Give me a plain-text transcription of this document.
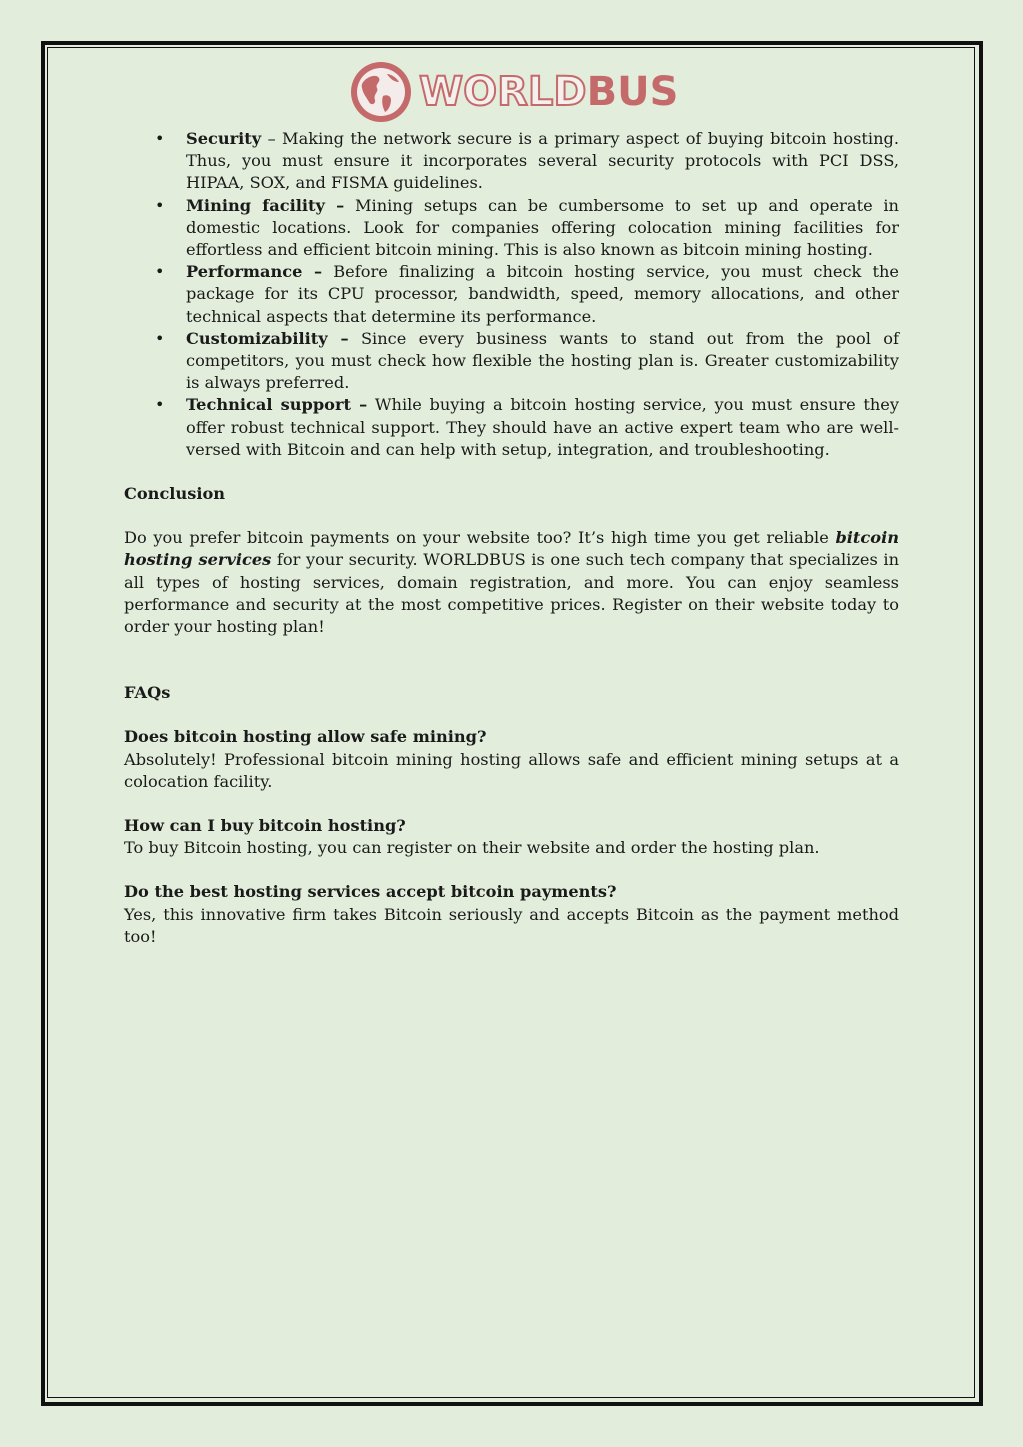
WORLDBUS
• Security – Making the network secure is a primary aspect of buying bitcoin hosting. Thus, you must ensure it incorporates several security protocols with PCI DSS, HIPAA, SOX, and FISMA guidelines.
• Mining facility – Mining setups can be cumbersome to set up and operate in domestic locations. Look for companies offering colocation mining facilities for effortless and efficient bitcoin mining. This is also known as bitcoin mining hosting.
• Performance – Before finalizing a bitcoin hosting service, you must check the package for its CPU processor, bandwidth, speed, memory allocations, and other technical aspects that determine its performance.
• Customizability – Since every business wants to stand out from the pool of competitors, you must check how flexible the hosting plan is. Greater customizability is always preferred.
• Technical support – While buying a bitcoin hosting service, you must ensure they offer robust technical support. They should have an active expert team who are well-versed with Bitcoin and can help with setup, integration, and troubleshooting.

Conclusion

Do you prefer bitcoin payments on your website too? It’s high time you get reliable bitcoin hosting services for your security. WORLDBUS is one such tech company that specializes in all types of hosting services, domain registration, and more. You can enjoy seamless performance and security at the most competitive prices. Register on their website today to order your hosting plan!

FAQs

Does bitcoin hosting allow safe mining?

Absolutely! Professional bitcoin mining hosting allows safe and efficient mining setups at a colocation facility.

How can I buy bitcoin hosting?

To buy Bitcoin hosting, you can register on their website and order the hosting plan.

Do the best hosting services accept bitcoin payments?

Yes, this innovative firm takes Bitcoin seriously and accepts Bitcoin as the payment method too!
